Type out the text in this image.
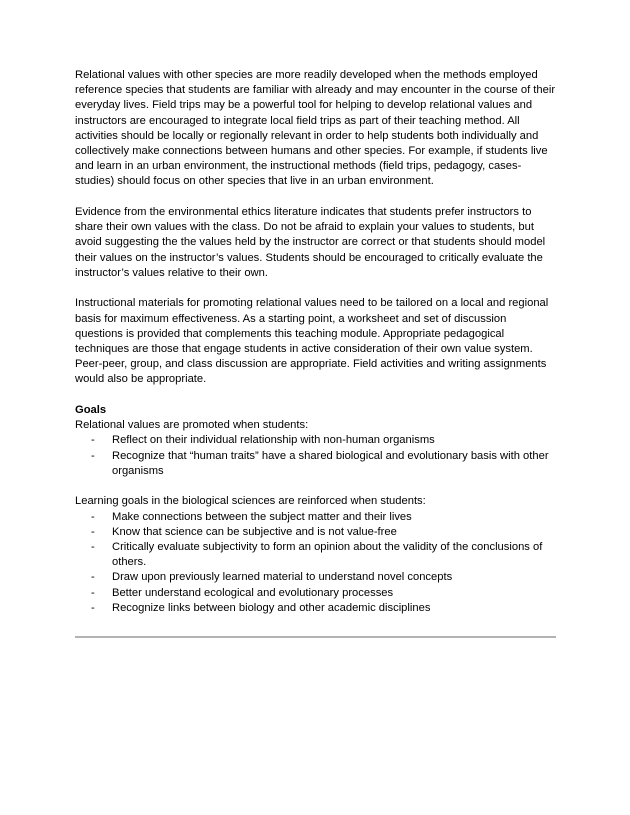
Relational values with other species are more readily developed when the methods employed reference species that students are familiar with already and may encounter in the course of their everyday lives. Field trips may be a powerful tool for helping to develop relational values and instructors are encouraged to integrate local field trips as part of their teaching method. All activities should be locally or regionally relevant in order to help students both individually and collectively make connections between humans and other species. For example, if students live and learn in an urban environment, the instructional methods (field trips, pedagogy, cases-studies) should focus on other species that live in an urban environment.

Evidence from the environmental ethics literature indicates that students prefer instructors to share their own values with the class. Do not be afraid to explain your values to students, but avoid suggesting the the values held by the instructor are correct or that students should model their values on the instructor’s values. Students should be encouraged to critically evaluate the instructor’s values relative to their own.

Instructional materials for promoting relational values need to be tailored on a local and regional basis for maximum effectiveness. As a starting point, a worksheet and set of discussion questions is provided that complements this teaching module. Appropriate pedagogical techniques are those that engage students in active consideration of their own value system. Peer-peer, group, and class discussion are appropriate. Field activities and writing assignments would also be appropriate.

Goals

Relational values are promoted when students:

- Reflect on their individual relationship with non-human organisms
- Recognize that “human traits” have a shared biological and evolutionary basis with other organisms

Learning goals in the biological sciences are reinforced when students:

- Make connections between the subject matter and their lives
- Know that science can be subjective and is not value-free
- Critically evaluate subjectivity to form an opinion about the validity of the conclusions of others.
- Draw upon previously learned material to understand novel concepts
- Better understand ecological and evolutionary processes
- Recognize links between biology and other academic disciplines
